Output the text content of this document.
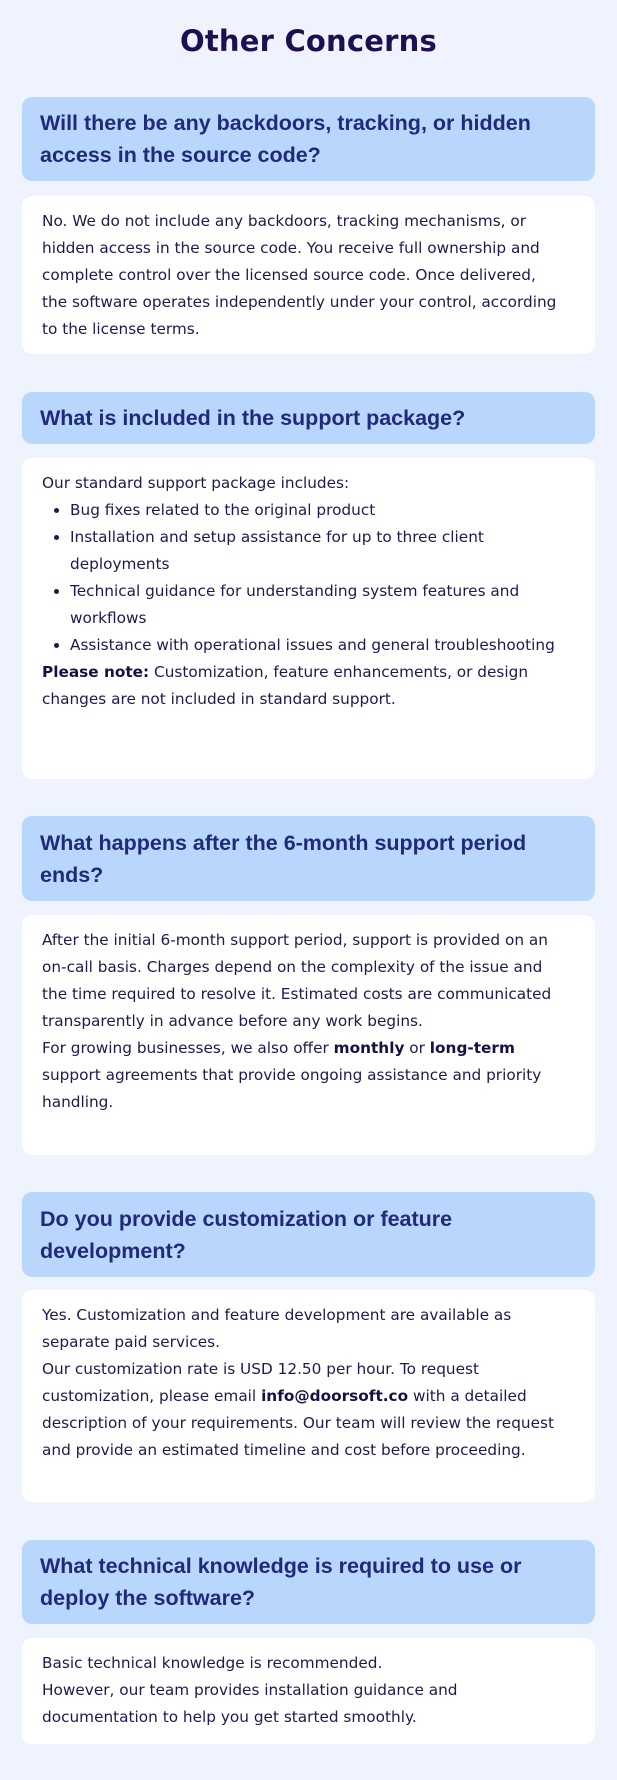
Other Concerns
Will there be any backdoors, tracking, or hidden access in the source code?

No. We do not include any backdoors, tracking mechanisms, or hidden access in the source code. You receive full ownership and complete control over the licensed source code. Once delivered, the software operates independently under your control, according to the license terms.

What is included in the support package?

Our standard support package includes:

• Bug fixes related to the original product
• Installation and setup assistance for up to three client deployments
• Technical guidance for understanding system features and workflows
• Assistance with operational issues and general troubleshooting

Please note: Customization, feature enhancements, or design changes are not included in standard support.

What happens after the 6-month support period ends?

After the initial 6-month support period, support is provided on an on-call basis. Charges depend on the complexity of the issue and the time required to resolve it. Estimated costs are communicated transparently in advance before any work begins.

For growing businesses, we also offer monthly or long-term support agreements that provide ongoing assistance and priority handling.

Do you provide customization or feature development?

Yes. Customization and feature development are available as separate paid services.

Our customization rate is USD 12.50 per hour. To request customization, please email info@doorsoft.co with a detailed description of your requirements. Our team will review the request and provide an estimated timeline and cost before proceeding.

What technical knowledge is required to use or deploy the software?

Basic technical knowledge is recommended.

However, our team provides installation guidance and documentation to help you get started smoothly.
